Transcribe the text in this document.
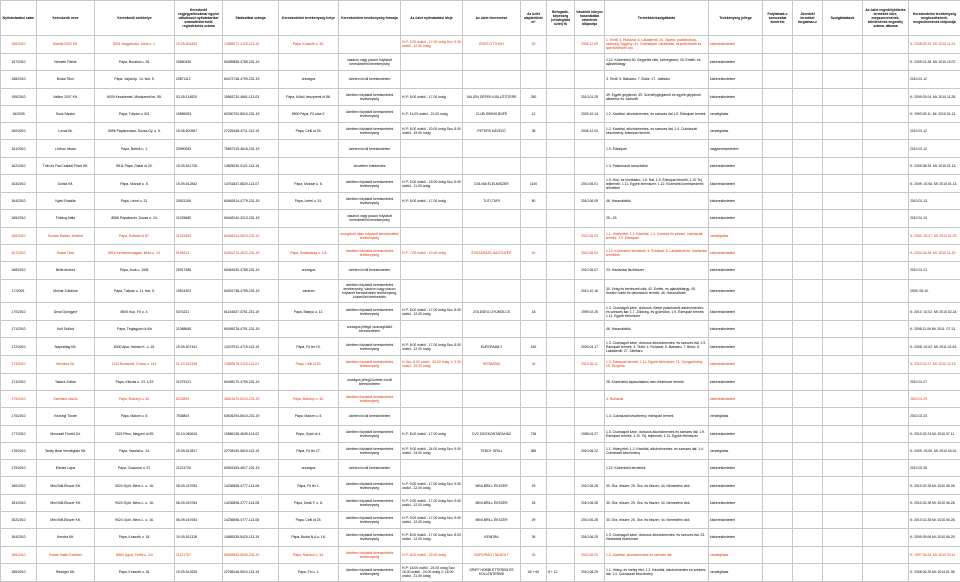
Nyilvántartási szám	Kereskedő neve	Kereskedő székhelye	Kereskedő cégjegyzékszáma/ egyéni vállalkozói nyilvántartási száma/kistermelő regisztrációs száma	Statisztikai számja	Kereskedelmi tevékenység helye	Kereskedelmi tevékenység formája	Az üzlet nyitvatartási ideje	Az üzlet elnevezése	Az üzlet alapterülete m²	Befogadó-képesség (vendéglátó üzlet) fő	Vásárlók könyve használatba vételének időpontja	Termékkör/szolgáltatás	Tevékenység jellege	Folytatnak-e szeszesital kimérést	Jövedéki terméket forgalmaz-e	Szolgáltatások	Az üzlet engedélyköteles termékek köre, megszerzésének, bővítésének engedély száma, dátuma	Kereskedelmi tevékenység megkezdésének, megszűnésének időpontja
156/2010	Mamfa 2002 Kft.	8531 Nagyacsád, Jókai u. 1.	19-09-504462	12855072-4120-113-19	Pápa, Kossuth u. 30.		H-P: 9.00 órától - 17.00 óráig Szo: 9.00 órától - 12.00 óráig	ÉDES OTTHON	59		2008.12.09	1. Textil; 4. Ruházat; 6. Lakástextil; 24. Tapéta, padlóburkoló, szőnyeg, függöny; 41. Drámaipari, műalkotás, népművészeti és iparművészeti áru	kiskereskedelem					K: 2008.09.20. Mi: 2010.11.24.
157/2010	Németh Pállné	Pápa, Bocskai u. 26.	20650490	60489858-4789-231-19		vásáron vagy piacon folytatott kereskedelmi tevékenység						1.12. Közérdekű 40. Kegyeleti cikk, szövegesen; 43. Emlék- és ajándéktárgy	kiskereskedelem					K: 2009.01.28. Mi: 2010.10.07.
158/2010	Bódai Tibor	Pápa, Vajda ltp. 14. fszt. 5.	20871112	60472748-4799-231-19	országos	üzleten kívüli kereskedelem						3. Textil; 5. Babaáru; 7. Bútor; 27. Játékáru	kiskereskedelem					2010.01.12
159/2010	Vallion 2007 Kft.	6000 Kecskemét, Mindszenti krt. 55.	03-09-114820	15963720-4661-113-03	Pápa, Külső Veszprémi út 86.	üzletben folytatott kereskedelmi tevékenység	H-P: 8.00 órától - 17.00 óráig	VALION GÉPEK KIÁLLÍTÓTERE	250		2010.01.25	49. Egyéb gépjármű; 49. Személygépjármű és egyéb gépjármű alkatrész és -tartozék	kiskereskedelem					K: 2009.03.04. Mi: 2010.11.28.
16/2009	Soós Sándor	Pápa, Tulipán u. 5/3.	19556083	60250792-5610-231-19	8500 Pápa, Fő utca 2.	üzletben folytatott kereskedelmi tevékenység	H-P: 14.00 órától - 21.00 óráig	CLUB SWING BÜFÉ	12		2009.10.14	1.2. Kávéital, alkoholmentes- és szeszes ital 1.9. Édesipari termék	vendéglátás					K: 1993.09.11. Mi: 2010.01.13.
160/2010	Lovas Bt.	8596 Pápakovácsi, Dózsa Gy. u. 5.	19-06-500967	27226348-4711-212-19	Pápa, Celli út 25.	üzletben folytatott kereskedelmi tevékenység	H-P: 8.00 órától - 20.00 óráig Szo: 8.00 órától - 19.00 óráig	PETERS KÁVÉZÓ	38		2008.12.03	1.2. Kávéital, alkoholmentes- és szeszes ital; 1.4. Cukrászati készítmény, édesipari termék	vendéglátás					2010.01.12
161/2010	Lőrincz István	Pápa, Bartók u. 1.	20990083	75557315-4616-231-19		üzleten kívüli kereskedelem						1.9. Édesipari	nagykereskedelem					2010.01.12
162/2010	Tóth és Fiai Családi Pince Kft.	8511 Pápa, Dakai út 30.	19-09-511728	14825030-0121-113-19		közvetlen értékesítés						1.3. Palackozott szeszesital	kiskereskedelem					K: 2009.08.25. Mi: 2010.01.13.
163/2010	Dolnia Kft.	Pápa, Mozsár u. 6.	19-09-512842	14761847-6820-113-07	Pápa, Mozsár u. 6.	üzletben folytatott kereskedelmi tevékenység	H-P: 5.00 órától - 15.00 óráig Szo: 5.00 órától - 11.00 óráig	DOLNIA ÉLELMISZER	1100		2010.06.01	1.5. Hús- és hentesáru; 1.6. Hal; 1.9. Édesipari termék; 1.10 Tej, tejtermék; 1.11. Egyéb élelmiszer; 1.12. Közérdekű kereskedelmi termékek	kiskereskedelem					K: 2009. 02.06. Mi: 2010.01.13.
164/2010	Nyári Rosália	Pápa, Lehel u. 31.	20921156	60462914-4779-231-19	Pápa, Lehel u. 31.	üzletben folytatott kereskedelmi tevékenység	H-P: 8.00 órától - 17.00 óráig	TUTI-TURI	80		2010.06.09	46. Használtcikk	kiskereskedelem					2010.01.13
165/2010	Földing Attila	8556 Pápateszér, Dózsa u. 24.	21025680	60448140-3213-231-19		vásáron vagy piacon folytatott kereskedelmi tevékenység						25.; 43.	kiskereskedelem					2010.01.13
166/2010	Kovács Balázs Jenőmé	Pápa, Szilvási út 87.	21019483	60484314-5610-231-19		mozgóbolt útján folytatott kereskedelmi tevékenység					2010.06.03	1.1. Hideg étel; 1.2. Kávéital, 1.4. Cukrász és pékáru, cukrászati termék, 1.9. Édesipari	vendéglátás					K: 2000. 09.27. Mi: 2010.01.20.
167/2010	Szalai Tibor	8516 Kemenesmagasi, Béke u. 13.	9196413	64261279-4622-231-19	Pápa, Szabadság u. 1/A	üzletben folytatott kereskedelmi tevékenység	H-P: 7.00 órától - 19.00 óráig	ÉVSZÁRÁZS NAGYÜZÉR	46		2010.06.04	1.12. Közérdekű termékek; 4. Ruházat; 8. Lakástextil és -háztartási termékek	kiskereskedelem					K: 2004.04.28. Mi: 2010.01.20.
168/2010	Bella Andrea	Pápa, Árok u. 15/B.	20917488	60461530-4789-231-19	országos	üzleten kívüli kereskedelem					2010.06.07	23. Háztartási tisztítószer	kiskereskedelem					2010.01.21
17/2009.	Molnár Zoltánné	Pápa, Tulipán u. 11. fszt. 5.	19524302	60251738-4799-231-19	vásáron	üzletben folytatott kereskedelmi tevékenység, vásáron vagy piacon folytatott kereskedelmi tevékenység, közterületi értékesítés					2010.10.16	30. Virág és kertészeti cikk; 42. Emlék- és ajándéktárgy; 45. Kreatív hobbi és dekorációs termék; 46. Használtcikk	kiskereskedelem					2009. 08.10.
170/2010	Árvai Györgyné	8500 Kup, Fő u. 4.	5374221	61144637-4751-231-19	Pápa, Bástya u. 12.	üzletben folytatott kereskedelmi tevékenység	H-P: 8.00 órától - 17.00 óráig Szo: 8.00 órától - 12.00 óráig	ZÖLDSÉG-GYÜMÖLCS	18		1999.02.26	1.3. Csomagolt kávé, dobozos, illetve palackozott alkoholmentes- és szeszes ital; 1.7. Zöldség- és gyümölcs; 1.9. Édesipari termék; 1.11. Egyéb élelmiszer	kiskereskedelem					K: 2010. 02.02. Mi: 2010.02.24.
171/2010	Kuti Solünd	Pápa, Téglagyári út 6/b	21068665	60495276-4791-231-19		országos jellegű csomagküldő kereskedelem						46. Használtcikk	kiskereskedelem					K: 2008.11.06 Mi: 2011. 07.13.
172/2010	Napcsillag Kft.	8400 Ajka, Hámán K. u. 15.	19-09-507441	13237912-4719-113-19	Pápa, Fő tér 19.	üzletben folytatott kereskedelmi tevékenység	H-P: 8.00 órától - 17.00 óráig Szo: 8.00 órától - 12.00 óráig	EUROFAMILY	150		2009.04.17	1.3. Csomagolt kávé, dobozos alkoholmentes- és szeszes ital; 1.9. Édesipari termék; 3. Textil; 4. Ruházat; 5. Babaáru; 7. Bútor; 8. Lakástextil; 27. Játékáru	kiskereskedelem					K: 2008. 02.02. Mi: 2011.02.04.
173/2010	Herbária Zrt.	1134 Budapest, Dózsa u. 144.	01-10-042198	10853678-2120-114-01	Pápa, Celli út 30.	üzletben folytatott kereskedelmi tevékenység	H-Szo: 8.00 órától - 20.00 óráig V: 9.00 órától - 19.00 óráig	HERBÁRIA	36		2010.06.11	1.9. Édesipari termék; 1.11. Egyéb élelmiszer; 21. Gyógynövény; 29. Drogéria	kiskereskedelem					K: 2010.01.27. Mi: 2010.12.13.
174/2010	Takács Zoltán	Pápa, Kilóvás u. 23. 1/19	21075121	60498170-4799-231-19		országos jellegű üzleten kívüli kereskedelem						28. Közérdekű tapasztalatos nem élelmiszer termék	kiskereskedelem					2010.01.27
175/2010	Szerdasi László	Pápa, Bokonyi u. 40.	8223893	35813470-5210-231-19	Pápa, Bokonyi u. 40.	üzletben folytatott kereskedelmi tevékenység						4. Ruházati	kiskereskedelem					2010.01.29
176/2010	Kecsegi Tünde	Pápa, Malom u. 5.	7836804	63926294-5610-231-19	Pápa, Malom u. 5.	üzleten kívüli kereskedelem						1.4. Cukrászati készítmény, édesipari termék	vendéglátás					2010.02.23
177/2010	Moncsafi Fürdőt Zrt.	7623 Pécs, Megyeri út 59.	02-10-060610	10586136-4639-114-02	Pápa, Gyári út 4.	üzletben folytatott kereskedelmi tevékenység	H-P: 8.00 órától - 17.00 óráig	CVC DISZKONTÁRUHÁZ	736		1998.04.27	1.3. Csomagolt kávé, dobozos alkoholmentes és szeszes ital; 1.9. Édesipari termék; 1.10. Tej, tejtermék; 1.11. Egyéb élelmiszer	kiskereskedelem					K: 2010.02.24 Mi: 2010.07.11.
178/2010	Teddy Bear Vendéglátó Kft.	Pápa, Vaszlati u. 24.	19-09-512817	22708190-5610-113-19	Pápa, Fő tér 27.	üzletben folytatott kereskedelmi tevékenység	H-P: 9.00 órától - 24.00 óráig Szo: 9.00 órától - 24.00 óráig	TEDDY GRILL	389		2010.06.22	1.1. Hideg étel; 1.2. Kávéital, alkoholmentes- és szeszes ital; 1.4. Cukrászati készítmény	vendéglátás					K: 2009. 03.05. Mi: 2010.03.01.
179/2010	Eledes Lajos	Pápa, Csokonai u. 97.	21123726	60502453-4617-231-19	országos	üzleten kívüli kereskedelem						1.12. Közérdekű termékek	kiskereskedelem					2010.02.25
180/2010	Mini Brill-Ékszer Kft.	9024 Győr, Mécs L. u. 16.	08-09-019784	14236598-4777-113-08	Pápa, Fő tér 1.	üzletben folytatott kereskedelmi tevékenység	H-P: 9.00 órától - 17.00 óráig Szo: 9.00 órától - 12.00 óráig	MINI-BRILL ÉKSZER	29		2010.06.28	30. Óra, ékszer; 25. Óra- és ékszer; 44. Nemesfém cikk	kiskereskedelem					K: 2010.02.28 Mi: 2010.06.28.
181/2010	Mini Brill-Ékszer Kft.	9024 Győr, Mécs L. u. 16.	08-09-019784	14236598-4777-113-08	Pápa, Deák F. u. 8.	üzletben folytatott kereskedelmi tevékenység	H-P: 9.00 órától - 17.00 óráig Szo: 9.00 órától - 12.00 óráig	MINI-BRILL ÉKSZER	18		2010.06.28	30. Óra, ékszer; 25. Óra- és ékszer; 44. Nemesfém cikk	kiskereskedelem					K: 2010.02.28 Mi: 2010.06.28.
182/2010	Mini Brill-Ékszer Kft.	9024 Győr, Mécs L. u. 16.	08-09-019784	14236598-4777-113-08	Pápa, Celli út 25.	üzletben folytatott kereskedelmi tevékenység	H-P: 9.00 órától - 17.00 óráig Szo: 9.00 órától - 12.00 óráig	MINI-BRILL ÉKSZER	29		2010.06.28	30. Óra, ékszer; 25. Óra- és ékszer; 44. Nemesfém cikk	kiskereskedelem					K: 2010.02.28 Mi: 2010.06.28.
184/2010	Kendra Kft.	Pápa, Kossuth u. 18.	19-09-511318	14685335-5420-113-19	Pápa, Budai N.A u. 16.	üzletben folytatott kereskedelmi tevékenység	H-P: 8.00 órától - 17.00 óráig Szo: 8.00 órától - 12.00 óráig	KENDRA	35		2010.06.29	1.3. Csomagolt kávé, dobozos alkoholmentes- és szeszes ital; 23. Háztartási tisztítószer	kiskereskedelem					K: 2009.09.06 Mi: 2010.06.29.
185/2010	Kovári Salát Erzsébet	8564 Ugod, Petőfi u. 2/4	21121757	60505993-5630-231-19	Pápa, Rákóczi u. 34.	üzletben folytatott kereskedelmi tevékenység	H-P: 8.00 órától - 22.00 óráig	BORVIRÁG ITALBOLT	38		2010.06.23	1.2. Kávéital, alkoholmentes és szeszes ital	vendéglátás					K: 1997.06.24. Mi: 2010.03.11.
186/2010	Readger Kft.	Pápa, Kossuth u. 26.	19-09-512626	22768146-5510-113-19	Pápa, Fő u. 1.	üzletben folytatott kereskedelmi tevékenység	H-P: 18.00 órától - 24.00 óráig Szo: 18.00 órától - 24.00 óráig V: 18.00 órától - 21.00 óráig	GRIFF HOBBI ÉTTEREM ÉS KOLLÉNTERME	45 + 60	8 + 12	2010.06.29	1.1. Hideg- és meleg étel; 1.2. Kávéital, alkoholmentes és szeszes ital; 1.4. Cukrászati készítmény	vendéglátás					K: 2008.06.20 Mi: 2014.01.08.
